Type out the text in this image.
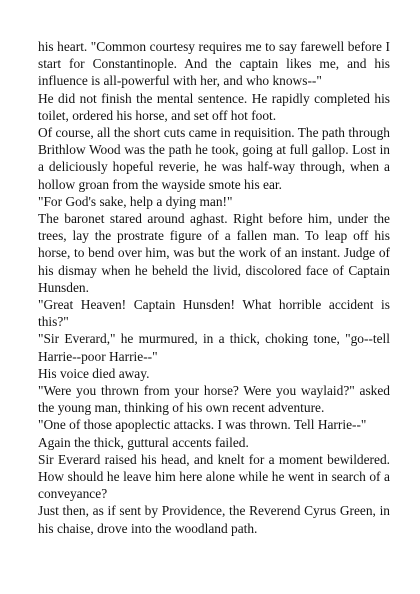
his heart. "Common courtesy requires me to say farewell before I start for Constantinople. And the captain likes me, and his influence is all-powerful with her, and who knows--"

He did not finish the mental sentence. He rapidly completed his toilet, ordered his horse, and set off hot foot.

Of course, all the short cuts came in requisition. The path through Brithlow Wood was the path he took, going at full gallop. Lost in a deliciously hopeful reverie, he was half-way through, when a hollow groan from the wayside smote his ear.

"For God's sake, help a dying man!"

The baronet stared around aghast. Right before him, under the trees, lay the prostrate figure of a fallen man. To leap off his horse, to bend over him, was but the work of an instant. Judge of his dismay when he beheld the livid, discolored face of Captain Hunsden.

"Great Heaven! Captain Hunsden! What horrible accident is this?"

"Sir Everard," he murmured, in a thick, choking tone, "go--tell Harrie--poor Harrie--"

His voice died away.

"Were you thrown from your horse? Were you waylaid?" asked the young man, thinking of his own recent adventure.

"One of those apoplectic attacks. I was thrown. Tell Harrie--"

Again the thick, guttural accents failed.

Sir Everard raised his head, and knelt for a moment bewildered. How should he leave him here alone while he went in search of a conveyance?

Just then, as if sent by Providence, the Reverend Cyrus Green, in his chaise, drove into the woodland path.
